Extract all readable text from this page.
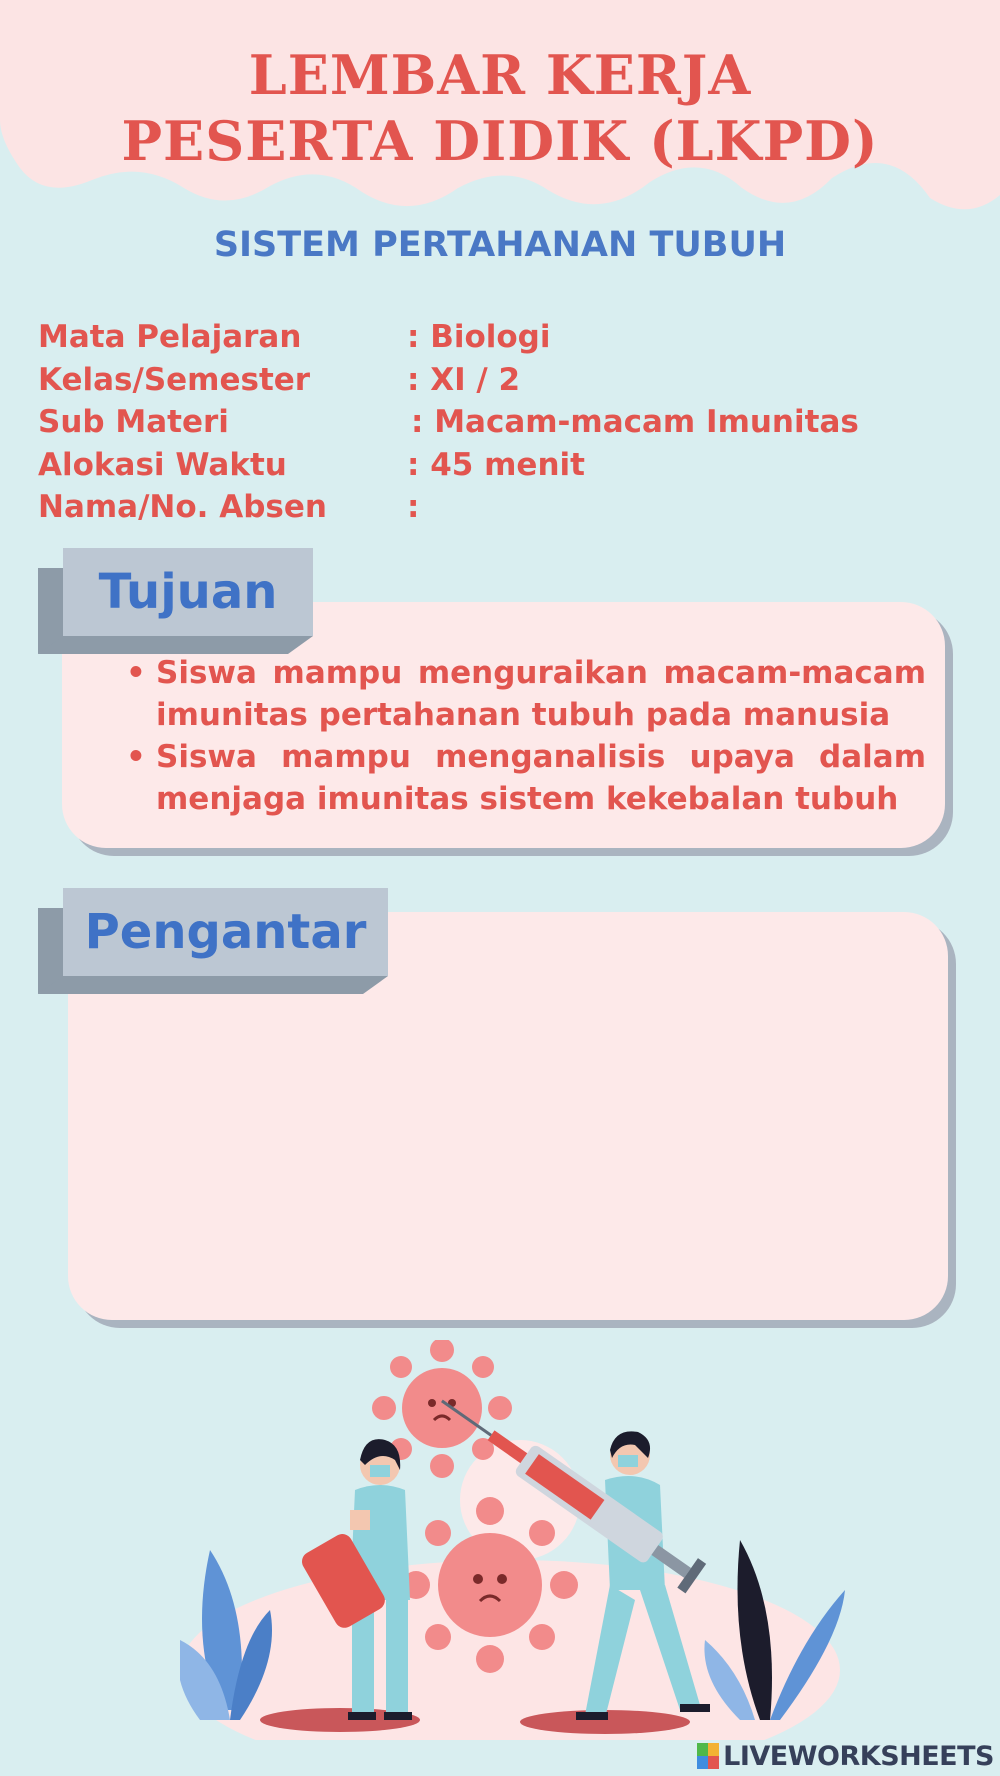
LEMBAR KERJA
PESERTA DIDIK (LKPD)
SISTEM PERTAHANAN TUBUH
Mata Pelajaran	: Biologi
Kelas/Semester	: XI / 2
Sub Materi	: Macam-macam Imunitas
Alokasi Waktu	: 45 menit
Nama/No. Absen	:
Tujuan
• Siswa mampu menguraikan macam-macam imunitas pertahanan tubuh pada manusia
• Siswa mampu menganalisis upaya dalam menjaga imunitas sistem kekebalan tubuh
Pengantar
LIVEWORKSHEETS
